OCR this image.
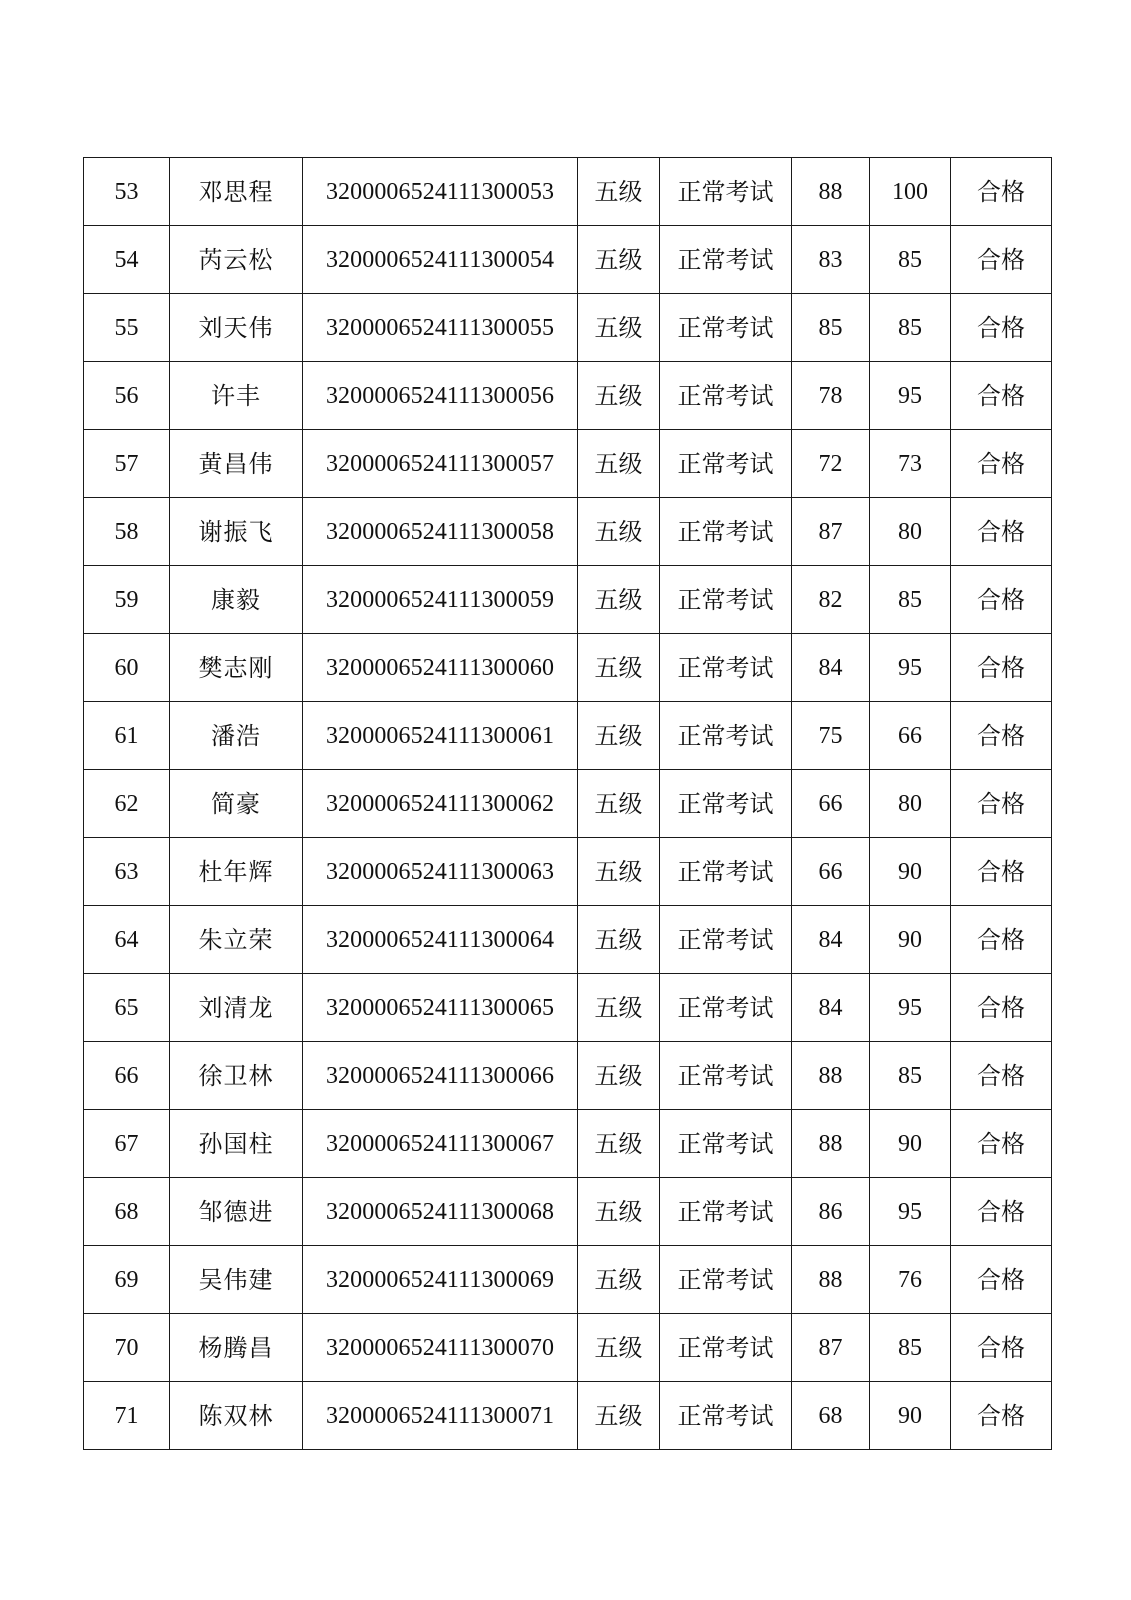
53	邓思程	3200006524111300053	五级	正常考试	88	100	合格
54	芮云松	3200006524111300054	五级	正常考试	83	85	合格
55	刘天伟	3200006524111300055	五级	正常考试	85	85	合格
56	许丰	3200006524111300056	五级	正常考试	78	95	合格
57	黄昌伟	3200006524111300057	五级	正常考试	72	73	合格
58	谢振飞	3200006524111300058	五级	正常考试	87	80	合格
59	康毅	3200006524111300059	五级	正常考试	82	85	合格
60	樊志刚	3200006524111300060	五级	正常考试	84	95	合格
61	潘浩	3200006524111300061	五级	正常考试	75	66	合格
62	简豪	3200006524111300062	五级	正常考试	66	80	合格
63	杜年辉	3200006524111300063	五级	正常考试	66	90	合格
64	朱立荣	3200006524111300064	五级	正常考试	84	90	合格
65	刘清龙	3200006524111300065	五级	正常考试	84	95	合格
66	徐卫林	3200006524111300066	五级	正常考试	88	85	合格
67	孙国柱	3200006524111300067	五级	正常考试	88	90	合格
68	邹德进	3200006524111300068	五级	正常考试	86	95	合格
69	吴伟建	3200006524111300069	五级	正常考试	88	76	合格
70	杨腾昌	3200006524111300070	五级	正常考试	87	85	合格
71	陈双林	3200006524111300071	五级	正常考试	68	90	合格
